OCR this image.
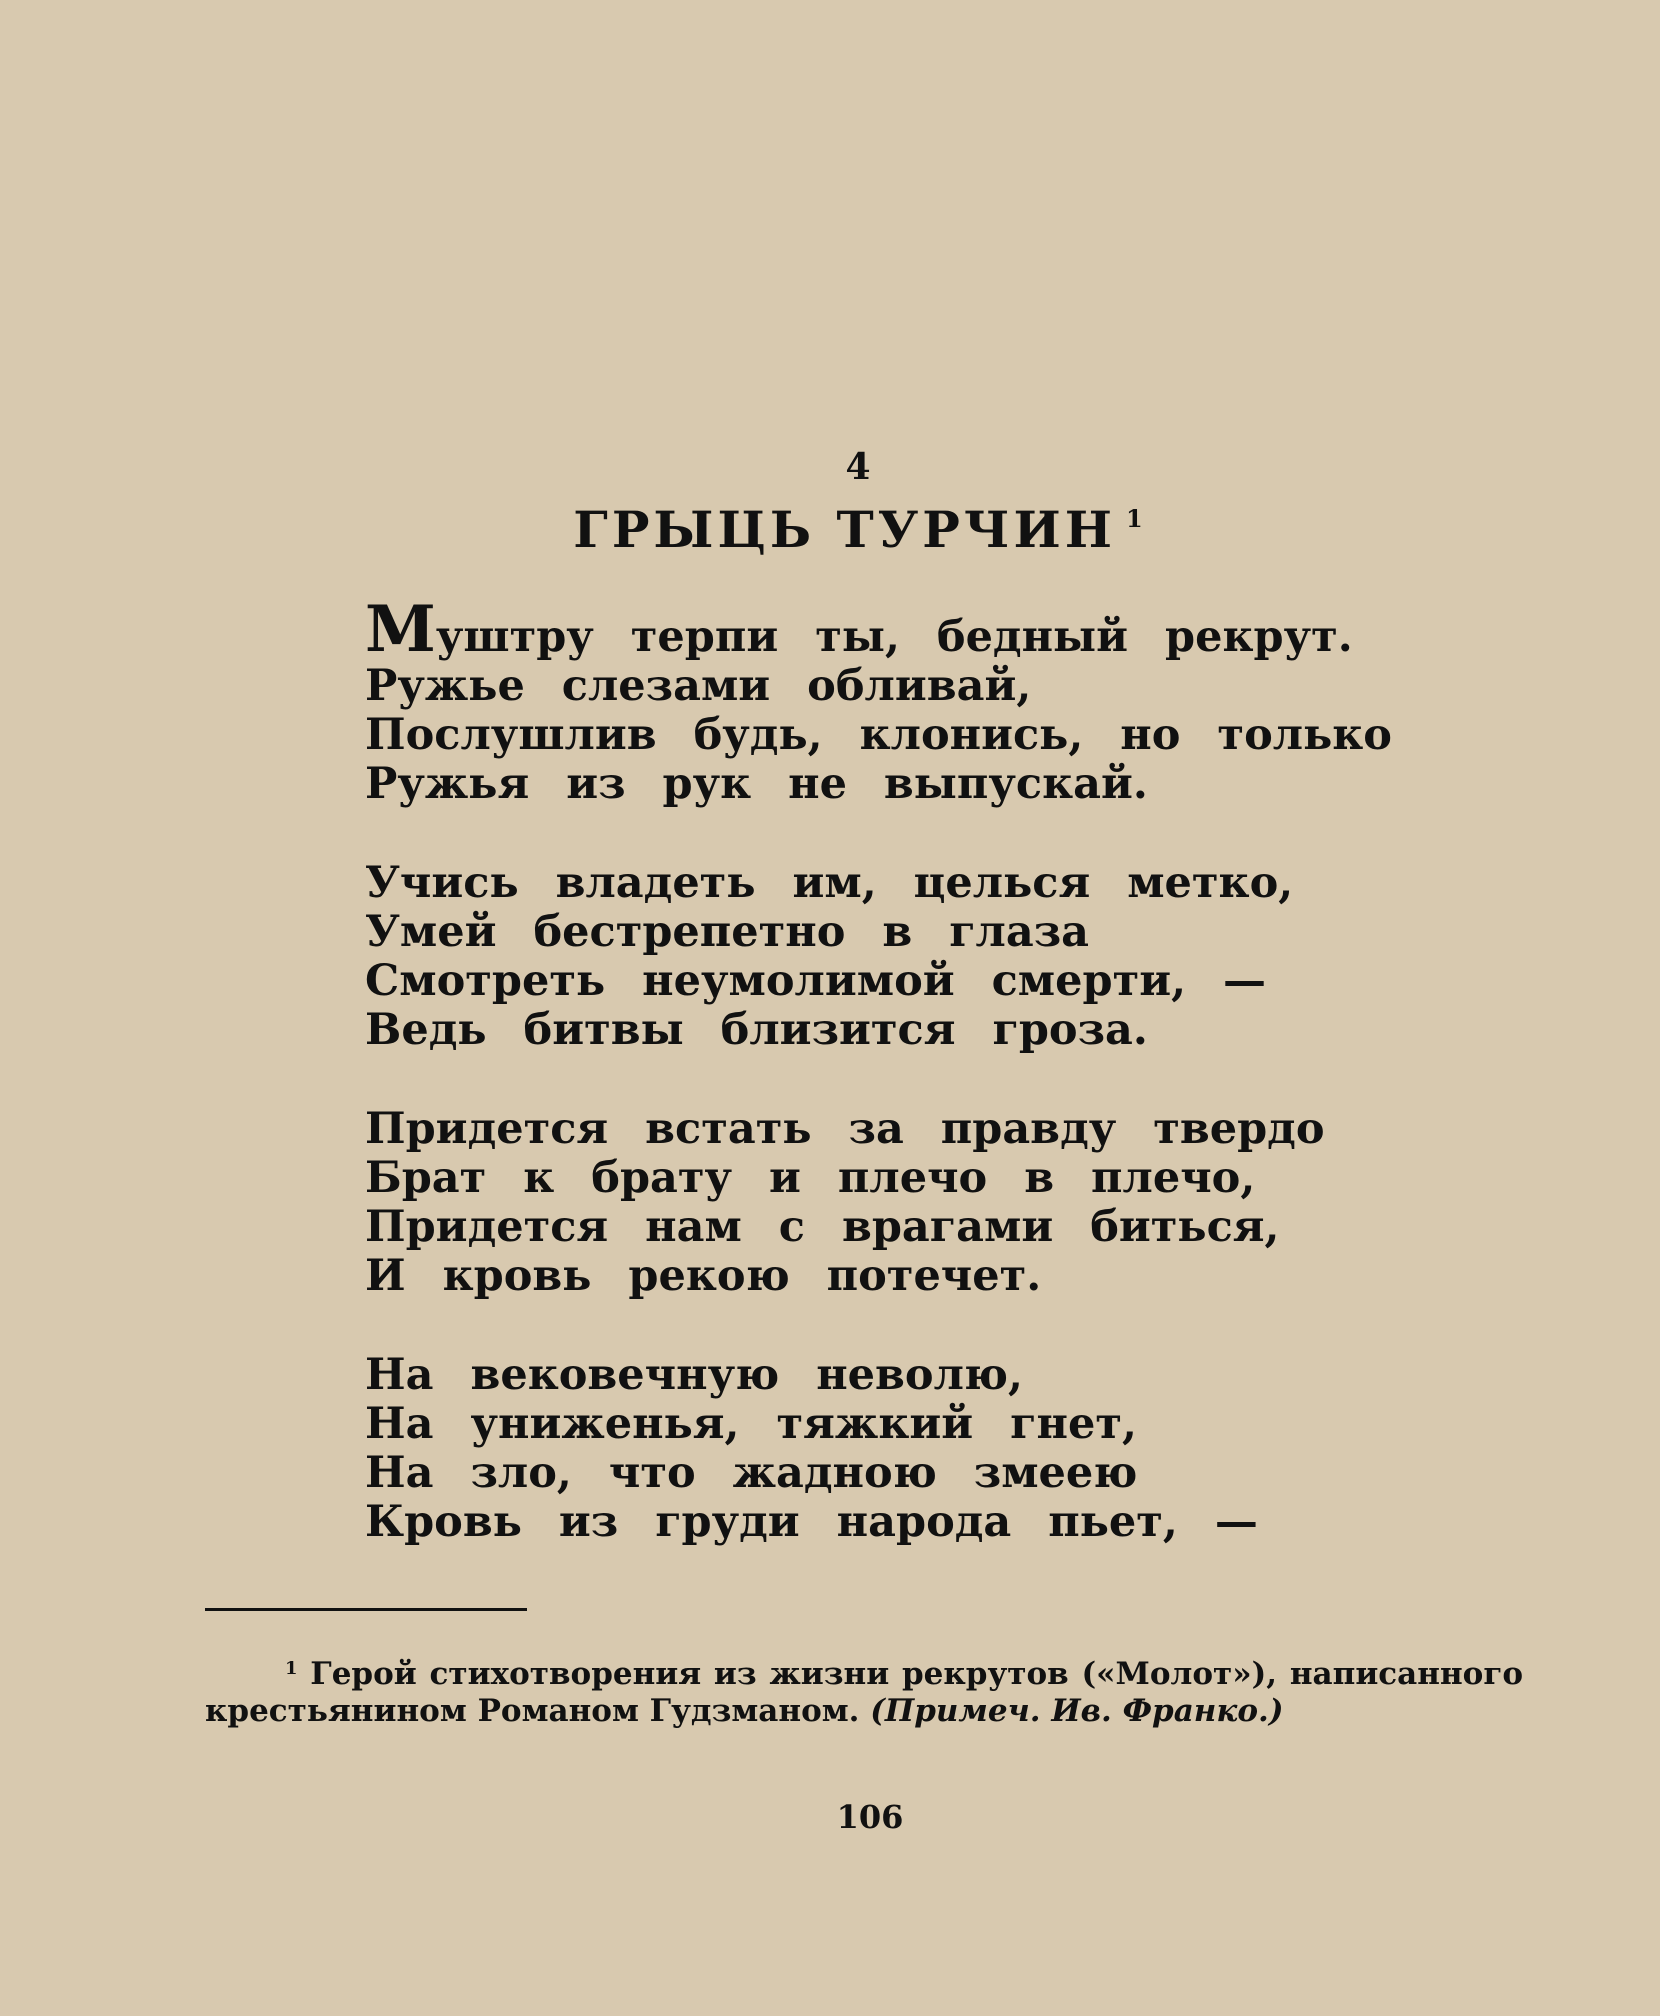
4
ГРЫЦЬ ТУРЧИН $^1$
Муштру терпи ты, бедный рекрут.
Ружье слезами обливай,
Послушлив будь, клонись, но только
Ружья из рук не выпускай.
Учись владеть им, целься метко,
Умей бестрепетно в глаза
Смотреть неумолимой смерти, —
Ведь битвы близится гроза.
Придется встать за правду твердо
Брат к брату и плечо в плечо,
Придется нам с врагами биться,
И кровь рекою потечет.
На вековечную неволю,
На униженья, тяжкий гнет,
На зло, что жадною змеею
Кровь из груди народа пьет, —
$^1$ Герой стихотворения из жизни рекрутов («Молот»), написанного крестьянином Романом Гудзманом. (Примеч. Ив. Франко.)
106
